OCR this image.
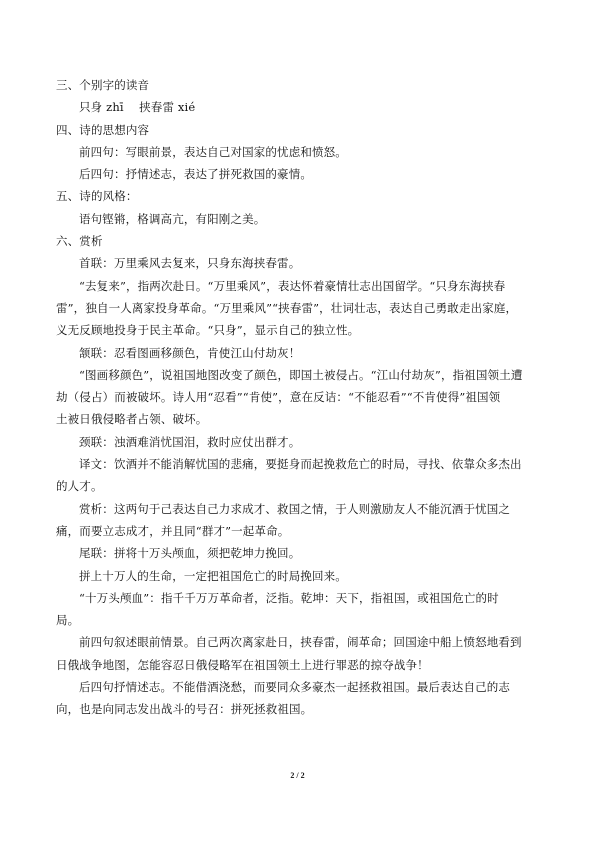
三、个别字的读音
只身 zhī　 挟春雷 xié
四、诗的思想内容
前四句：写眼前景，表达自己对国家的忧虑和愤怒。
后四句：抒情述志，表达了拼死救国的豪情。
五、诗的风格：
语句铿锵，格调高亢，有阳刚之美。
六、赏析
首联：万里乘风去复来，只身东海挟春雷。
“去复来”，指两次赴日。“万里乘风”，表达怀着豪情壮志出国留学。“只身东海挟春
雷”，独自一人离家投身革命。“万里乘风”“挟春雷”，壮词壮志，表达自己勇敢走出家庭，
义无反顾地投身于民主革命。“只身”，显示自己的独立性。
颔联：忍看图画移颜色，肯使江山付劫灰！
“图画移颜色”，说祖国地图改变了颜色，即国土被侵占。“江山付劫灰”，指祖国领土遭
劫（侵占）而被破坏。诗人用“忍看”“肯使”，意在反诘：“不能忍看”“不肯使得”祖国领
土被日俄侵略者占领、破坏。
颈联：浊酒难消忧国泪，救时应仗出群才。
译文：饮酒并不能消解忧国的悲痛，要挺身而起挽救危亡的时局，寻找、依靠众多杰出
的人才。
赏析：这两句于己表达自己力求成才、救国之情，于人则激励友人不能沉酒于忧国之
痛，而要立志成才，并且同“群才”一起革命。
尾联：拼将十万头颅血，须把乾坤力挽回。
拼上十万人的生命，一定把祖国危亡的时局挽回来。
“十万头颅血”：指千千万万革命者，泛指。乾坤：天下，指祖国，或祖国危亡的时
局。
前四句叙述眼前情景。自己两次离家赴日，挟春雷，闹革命；回国途中船上愤怒地看到
日俄战争地图，怎能容忍日俄侵略军在祖国领土上进行罪恶的掠夺战争！
后四句抒情述志。不能借酒浇愁，而要同众多豪杰一起拯救祖国。最后表达自己的志
向，也是向同志发出战斗的号召：拼死拯救祖国。
2 / 2
